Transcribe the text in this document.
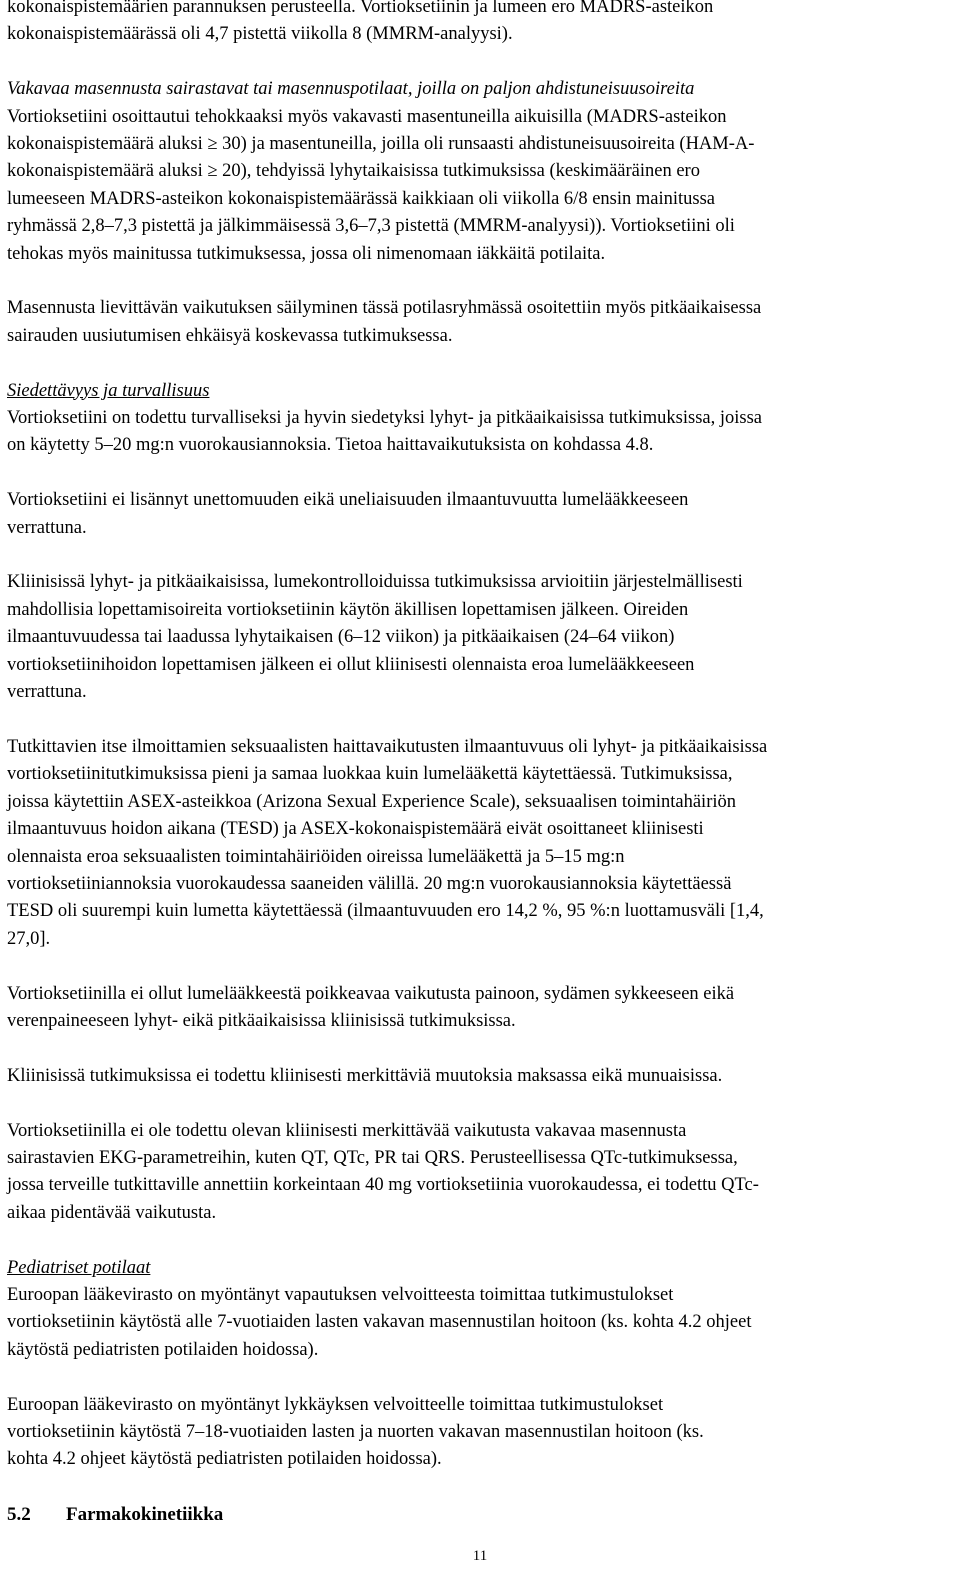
kokonaispistemäärien parannuksen perusteella. Vortioksetiinin ja lumeen ero MADRS-asteikon
kokonaispistemäärässä oli 4,7 pistettä viikolla 8 (MMRM-analyysi).

Vakavaa masennusta sairastavat tai masennuspotilaat, joilla on paljon ahdistuneisuusoireita
Vortioksetiini osoittautui tehokkaaksi myös vakavasti masentuneilla aikuisilla (MADRS-asteikon
kokonaispistemäärä aluksi ≥ 30) ja masentuneilla, joilla oli runsaasti ahdistuneisuusoireita (HAM-A-
kokonaispistemäärä aluksi ≥ 20), tehdyissä lyhytaikaisissa tutkimuksissa (keskimääräinen ero
lumeeseen MADRS-asteikon kokonaispistemäärässä kaikkiaan oli viikolla 6/8 ensin mainitussa
ryhmässä 2,8–7,3 pistettä ja jälkimmäisessä 3,6–7,3 pistettä (MMRM-analyysi)). Vortioksetiini oli
tehokas myös mainitussa tutkimuksessa, jossa oli nimenomaan iäkkäitä potilaita.

Masennusta lievittävän vaikutuksen säilyminen tässä potilasryhmässä osoitettiin myös pitkäaikaisessa
sairauden uusiutumisen ehkäisyä koskevassa tutkimuksessa.

Siedettävyys ja turvallisuus
Vortioksetiini on todettu turvalliseksi ja hyvin siedetyksi lyhyt- ja pitkäaikaisissa tutkimuksissa, joissa
on käytetty 5–20 mg:n vuorokausiannoksia. Tietoa haittavaikutuksista on kohdassa 4.8.

Vortioksetiini ei lisännyt unettomuuden eikä uneliaisuuden ilmaantuvuutta lumelääkkeeseen
verrattuna.

Kliinisissä lyhyt- ja pitkäaikaisissa, lumekontrolloiduissa tutkimuksissa arvioitiin järjestelmällisesti
mahdollisia lopettamisoireita vortioksetiinin käytön äkillisen lopettamisen jälkeen. Oireiden
ilmaantuvuudessa tai laadussa lyhytaikaisen (6–12 viikon) ja pitkäaikaisen (24–64 viikon)
vortioksetiinihoidon lopettamisen jälkeen ei ollut kliinisesti olennaista eroa lumelääkkeeseen
verrattuna.

Tutkittavien itse ilmoittamien seksuaalisten haittavaikutusten ilmaantuvuus oli lyhyt- ja pitkäaikaisissa
vortioksetiinitutkimuksissa pieni ja samaa luokkaa kuin lumelääkettä käytettäessä. Tutkimuksissa,
joissa käytettiin ASEX-asteikkoa (Arizona Sexual Experience Scale), seksuaalisen toimintahäiriön
ilmaantuvuus hoidon aikana (TESD) ja ASEX-kokonaispistemäärä eivät osoittaneet kliinisesti
olennaista eroa seksuaalisten toimintahäiriöiden oireissa lumelääkettä ja 5–15 mg:n
vortioksetiiniannoksia vuorokaudessa saaneiden välillä. 20 mg:n vuorokausiannoksia käytettäessä
TESD oli suurempi kuin lumetta käytettäessä (ilmaantuvuuden ero 14,2 %, 95 %:n luottamusväli [1,4,
27,0].

Vortioksetiinilla ei ollut lumelääkkeestä poikkeavaa vaikutusta painoon, sydämen sykkeeseen eikä
verenpaineeseen lyhyt- eikä pitkäaikaisissa kliinisissä tutkimuksissa.

Kliinisissä tutkimuksissa ei todettu kliinisesti merkittäviä muutoksia maksassa eikä munuaisissa.

Vortioksetiinilla ei ole todettu olevan kliinisesti merkittävää vaikutusta vakavaa masennusta
sairastavien EKG-parametreihin, kuten QT, QTc, PR tai QRS. Perusteellisessa QTc-tutkimuksessa,
jossa terveille tutkittaville annettiin korkeintaan 40 mg vortioksetiinia vuorokaudessa, ei todettu QTc-
aikaa pidentävää vaikutusta.

Pediatriset potilaat
Euroopan lääkevirasto on myöntänyt vapautuksen velvoitteesta toimittaa tutkimustulokset
vortioksetiinin käytöstä alle 7-vuotiaiden lasten vakavan masennustilan hoitoon (ks. kohta 4.2 ohjeet
käytöstä pediatristen potilaiden hoidossa).

Euroopan lääkevirasto on myöntänyt lykkäyksen velvoitteelle toimittaa tutkimustulokset
vortioksetiinin käytöstä 7–18-vuotiaiden lasten ja nuorten vakavan masennustilan hoitoon (ks.
kohta 4.2 ohjeet käytöstä pediatristen potilaiden hoidossa).

5.2 Farmakokinetiikka
11
